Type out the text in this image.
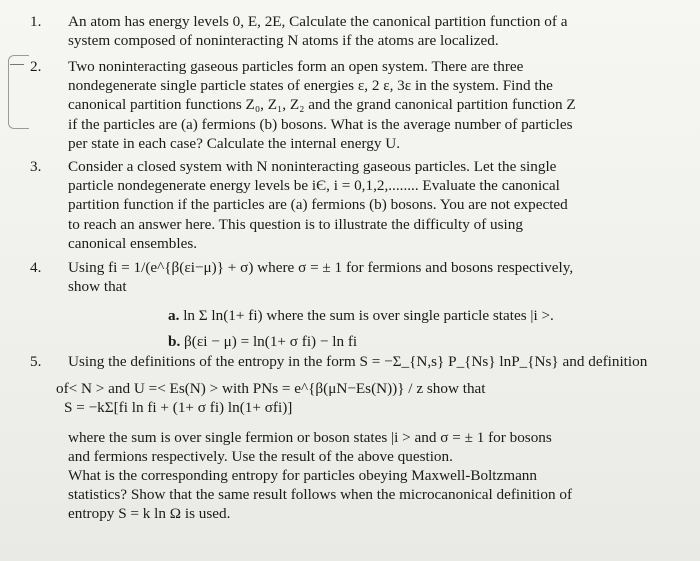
1. An atom has energy levels 0, E, 2E, Calculate the canonical partition function of a
system composed of noninteracting N atoms if the atoms are localized.
2. Two noninteracting gaseous particles form an open system. There are three
nondegenerate single particle states of energies ε, 2 ε, 3ε in the system. Find the
canonical partition functions Z₀, Z₁, Z₂ and the grand canonical partition function Z
if the particles are (a) fermions (b) bosons. What is the average number of particles
per state in each case? Calculate the internal energy U.
3. Consider a closed system with N noninteracting gaseous particles. Let the single
particle nondegenerate energy levels be iЄ, i = 0,1,2,........ Evaluate the canonical
partition function if the particles are (a) fermions (b) bosons. You are not expected
to reach an answer here. This question is to illustrate the difficulty of using
canonical ensembles.
4. Using fi = 1/(e^{β(εi−μ)} + σ) where σ = ± 1 for fermions and bosons respectively,
show that
a. ln Σ ln(1+ fi) where the sum is over single particle states |i >.
b. β(εi − μ) = ln(1+ σ fi) − ln fi
5. Using the definitions of the entropy in the form S = −Σ_{N,s} P_{Ns} lnP_{Ns} and definition
of< N > and U =< Es(N) > with PNs = e^{β(μN−Es(N))} / z show that
S = −kΣ[fi ln fi + (1+ σ fi) ln(1+ σfi)]
where the sum is over single fermion or boson states |i > and σ = ± 1 for bosons
and fermions respectively. Use the result of the above question.
What is the corresponding entropy for particles obeying Maxwell-Boltzmann
statistics? Show that the same result follows when the microcanonical definition of
entropy S = k ln Ω is used.
